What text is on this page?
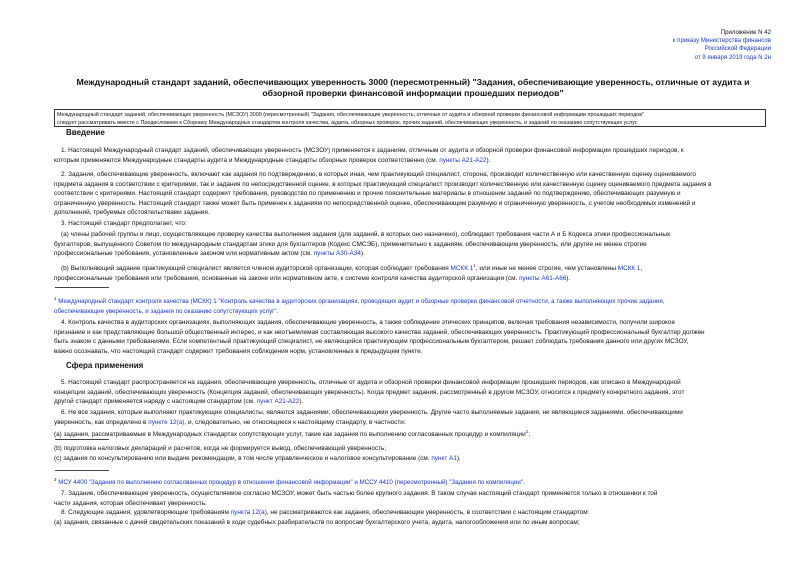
Приложение N 42
к приказу Министерства финансов
Российской Федерации
от 9 января 2019 года N 2н
Международный стандарт заданий, обеспечивающих уверенность 3000 (пересмотренный) "Задания, обеспечивающие уверенность, отличные от аудита и
обзорной проверки финансовой информации прошедших периодов"
Международный стандарт заданий, обеспечивающих уверенность (МСЗОУ) 3000 (пересмотренный) "Задания, обеспечивающие уверенность, отличные от аудита и обзорной проверки финансовой информации прошедших периодов"
следует рассматривать вместе с Предисловием к Сборнику Международных стандартов контроля качества, аудита, обзорных проверок, прочих заданий, обеспечивающих уверенность, и заданий по оказанию сопутствующих услуг.
Введение
1. Настоящий Международный стандарт заданий, обеспечивающих уверенность (МСЗОУ) применяется к заданиям, отличным от аудита и обзорной проверки финансовой информации прошедших периодов, к
которым применяются Международные стандарты аудита и Международные стандарты обзорных проверок соответственно (см. пункты А21-А22).
2. Задания, обеспечивающие уверенность, включают как задания по подтверждению, в которых иная, чем практикующий специалист, сторона, производит количественную или качественную оценку оцениваемого
предмета задания в соответствии с критериями, так и задания по непосредственной оценке, в которых практикующий специалист производит количественную или качественную оценку оцениваемого предмета задания в
соответствии с критериями. Настоящий стандарт содержит требования, руководство по применению и прочие пояснительные материалы в отношении заданий по подтверждению, обеспечивающих разумную и
ограниченную уверенность. Настоящий стандарт также может быть применен к заданиям по непосредственной оценке, обеспечивающим разумную и ограниченную уверенность, с учетом необходимых изменений и
дополнений, требуемых обстоятельствами задания.
3. Настоящий стандарт предполагает, что:
(a) члены рабочей группы и лицо, осуществляющее проверку качества выполнения задания (для заданий, в которых оно назначено), соблюдают требования части А и Б Кодекса этики профессиональных
бухгалтеров, выпущенного Советом по международным стандартам этики для бухгалтеров (Кодекс СМСЭБ), применительно к заданиям, обеспечивающим уверенность, или другие не менее строгие
профессиональные требования, установленные законом или нормативным актом (см. пункты А30-А34).
(b) Выполняющий задание практикующий специалист является членом аудиторской организации, которая соблюдает требования МСКК $1^1$, или иные не менее строгие, чем установлены МСКК 1,
профессиональные требования или требования, основанные на законе или нормативном акте, к системе контроля качества аудиторской организации (см. пункты А61-А66).
$^1$ Международный стандарт контроля качества (МСКК) 1 "Контроль качества в аудиторских организациях, проводящих аудит и обзорные проверки финансовой отчетности, а также выполняющих прочие задания,
обеспечивающие уверенность, и задания по оказанию сопутствующих услуг".
4. Контроль качества в аудиторских организациях, выполняющих задания, обеспечивающие уверенность, а также соблюдение этических принципов, включая требования независимости, получили широкое
признание и как представляющие большой общественный интерес, и как неотъемлемая составляющая высокого качества заданий, обеспечивающих уверенность. Практикующий профессиональный бухгалтер должен
быть знаком с данными требованиями. Если компетентный практикующий специалист, не являющийся практикующим профессиональным бухгалтером, решает соблюдать требования данного или других МСЗОУ,
важно осознавать, что настоящий стандарт содержит требования соблюдения норм, установленных в предыдущем пункте.
Сфера применения
5. Настоящий стандарт распространяется на задания, обеспечивающие уверенность, отличные от аудита и обзорной проверки финансовой информации прошедших периодов, как описано в Международной
концепции заданий, обеспечивающих уверенность (Концепция заданий, обеспечивающих уверенность). Когда предмет задания, рассмотренный в другом МСЗОУ, относится к предмету конкретного задания, этот
другой стандарт применяется наряду с настоящим стандартом (см. пункт А21-А22).
6. Не все задания, которые выполняют практикующие специалисты, являются заданиями, обеспечивающими уверенность. Другие часто выполняемые задания, не являющиеся заданиями, обеспечивающими
уверенность, как определено в пункте 12(a), и, следовательно, не относящиеся к настоящему стандарту, в частности:
(a) задания, рассматриваемые в Международных стандартах сопутствующих услуг, такие как задания по выполнению согласованных процедур и компиляции$^2$;
(b) подготовка налоговых деклараций и расчетов, когда не формируется вывод, обеспечивающий уверенность;
(c) задания по консультированию или выдаче рекомендации, в том числе управленческое и налоговое консультирование (см. пункт А1).
$^2$ МСУ 4400 "Задания по выполнению согласованных процедур в отношении финансовой информации" и МССУ 4410 (пересмотренный) "Задания по компиляции".
7. Задание, обеспечивающее уверенность, осуществляемое согласно МСЗОУ, может быть частью более крупного задания. В таком случае настоящий стандарт применяется только в отношении к той
части задания, которая обеспечивает уверенность.
8. Следующие задания, удовлетворяющие требованиям пункта 12(a), не рассматриваются как задания, обеспечивающие уверенность, в соответствии с настоящим стандартом:
(a) задания, связанные с дачей свидетельских показаний в ходе судебных разбирательств по вопросам бухгалтерского учета, аудита, налогообложения или по иным вопросам;
